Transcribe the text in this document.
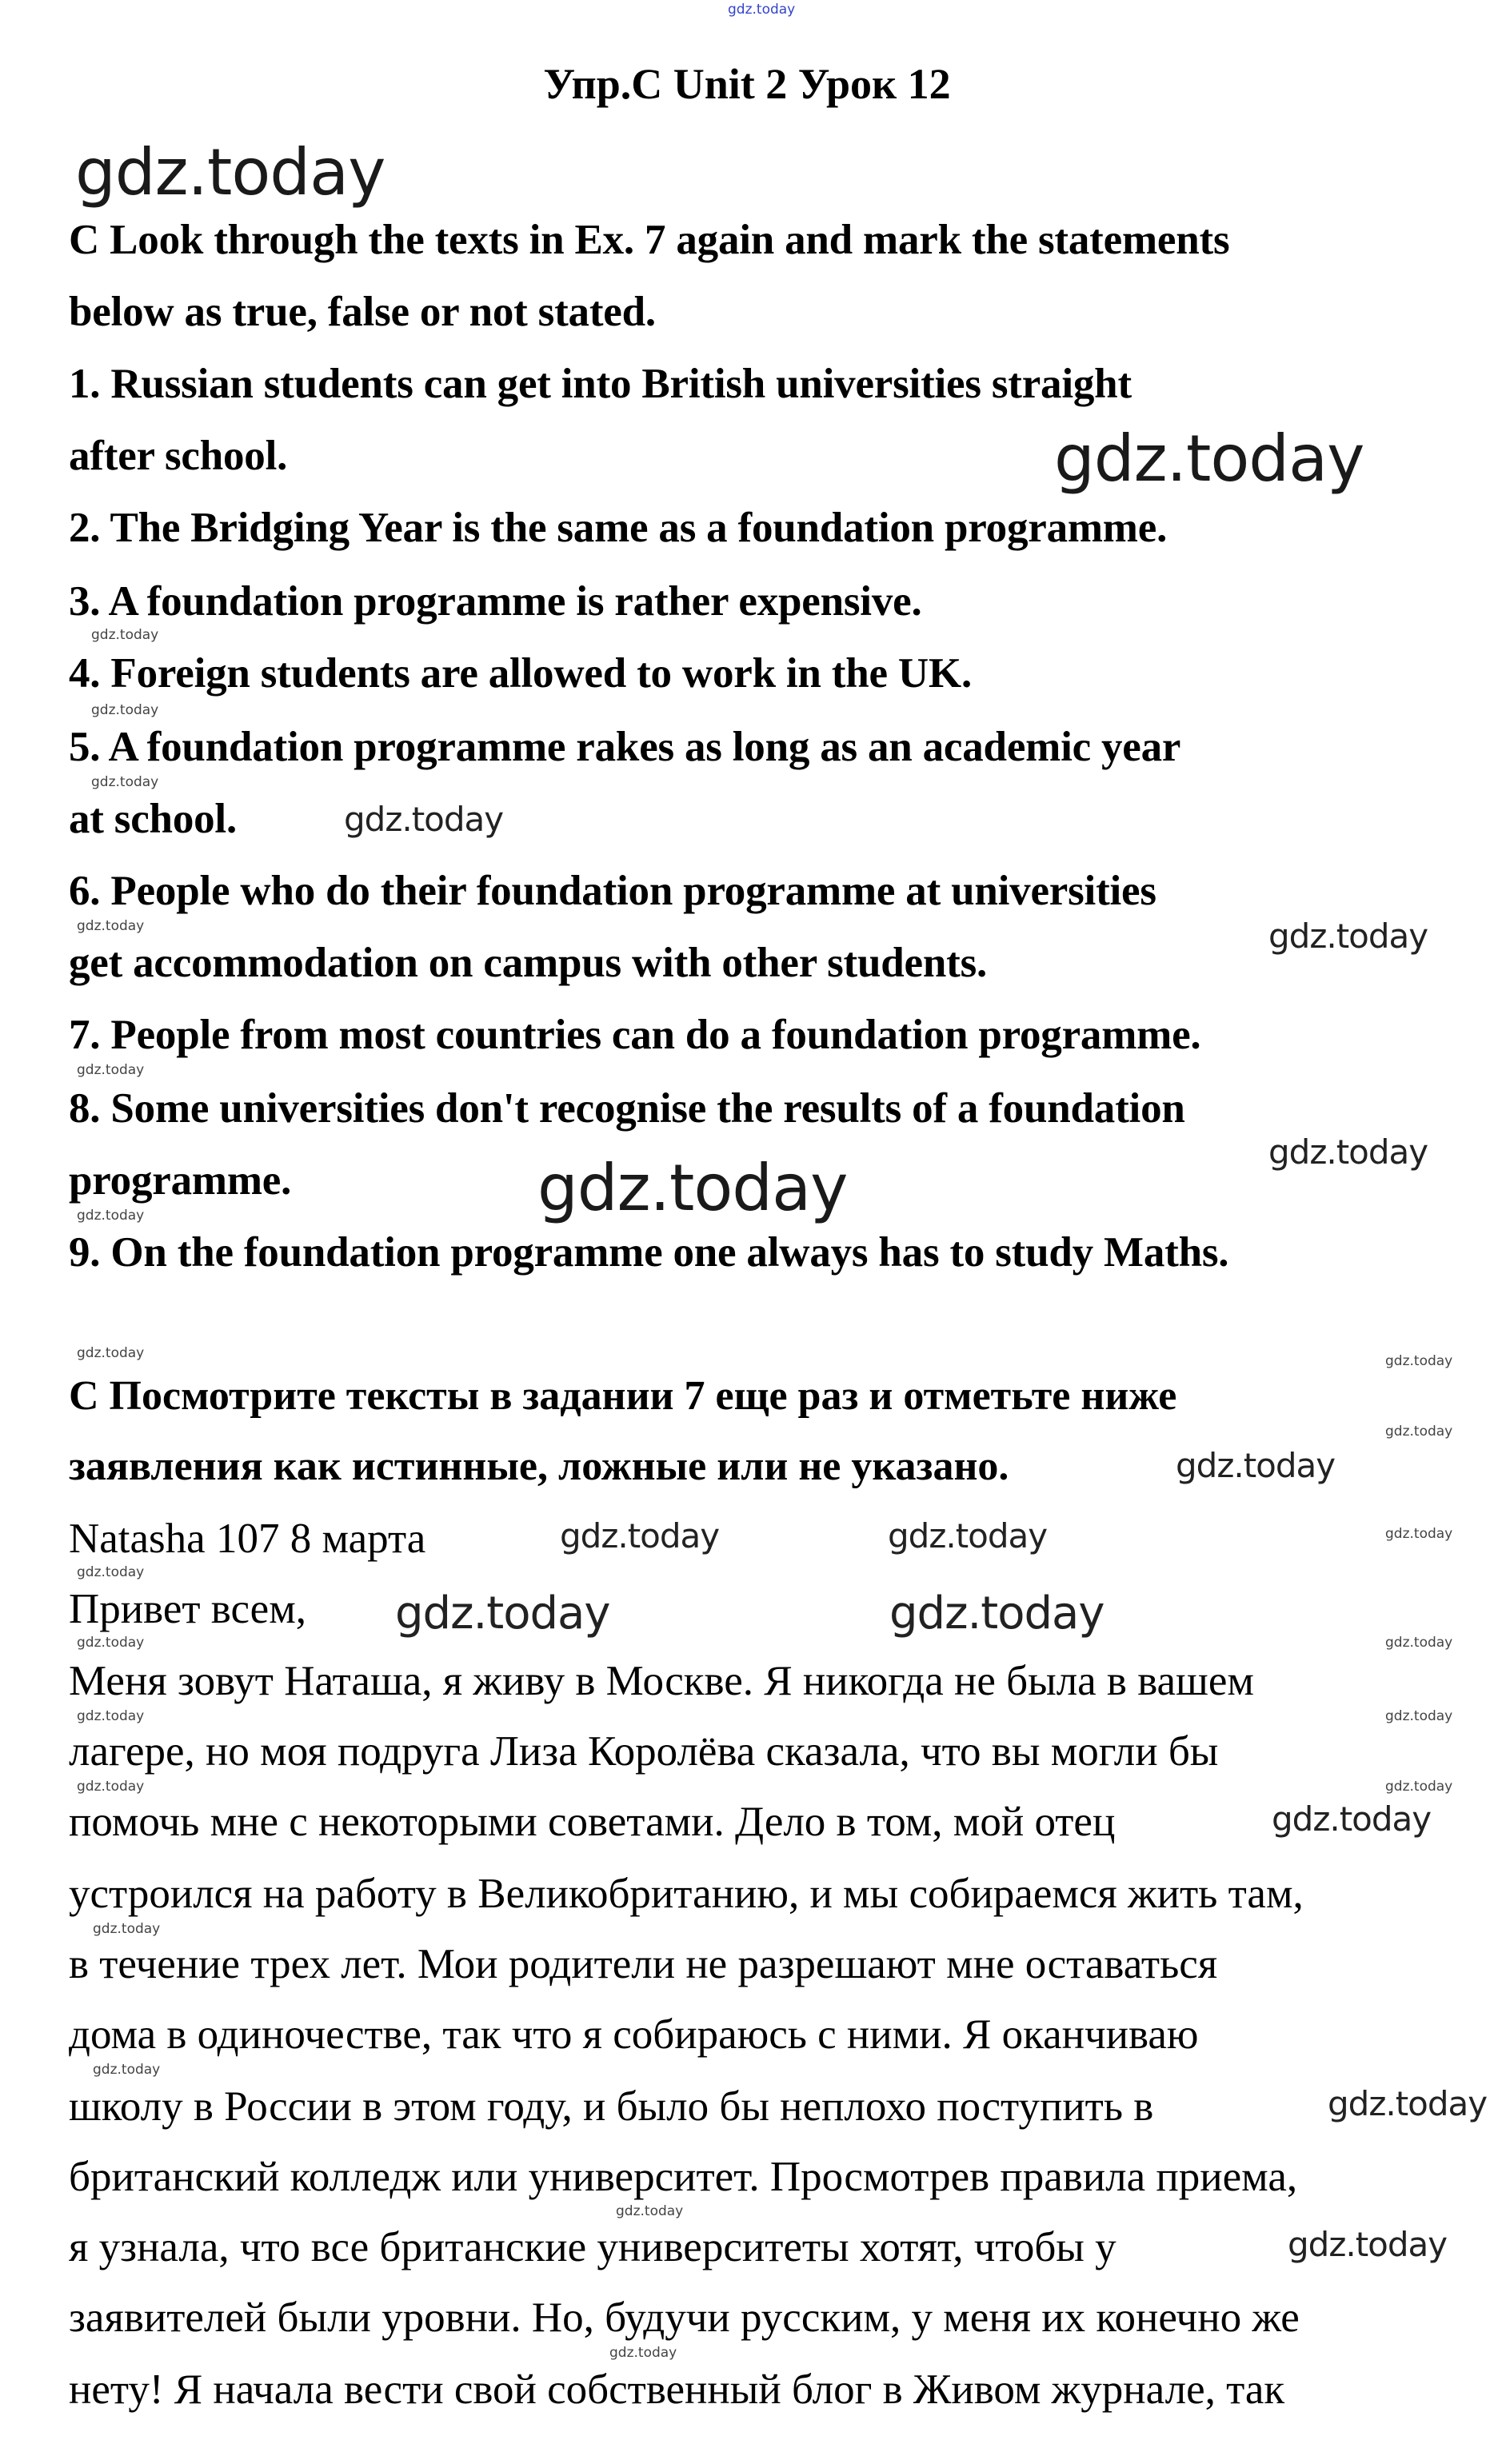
gdz.today
Упр.C Unit 2 Урок 12
C Look through the texts in Ex. 7 again and mark the statements
below as true, false or not stated.
1. Russian students can get into British universities straight
after school.
2. The Bridging Year is the same as a foundation programme.
3. A foundation programme is rather expensive.
4. Foreign students are allowed to work in the UK.
5. A foundation programme rakes as long as an academic year
at school.
6. People who do their foundation programme at universities
get accommodation on campus with other students.
7. People from most countries can do a foundation programme.
8. Some universities don't recognise the results of a foundation
programme.
9. On the foundation programme one always has to study Maths.
С Посмотрите тексты в задании 7 еще раз и отметьте ниже
заявления как истинные, ложные или не указано.
Natasha 107 8 марта
Привет всем,
Меня зовут Наташа, я живу в Москве. Я никогда не была в вашем
лагере, но моя подруга Лиза Королёва сказала, что вы могли бы
помочь мне с некоторыми советами. Дело в том, мой отец
устроился на работу в Великобританию, и мы собираемся жить там,
в течение трех лет. Мои родители не разрешают мне оставаться
дома в одиночестве, так что я собираюсь с ними. Я оканчиваю
школу в России в этом году, и было бы неплохо поступить в
британский колледж или университет. Просмотрев правила приема,
я узнала, что все британские университеты хотят, чтобы у
заявителей были уровни. Но, будучи русским, у меня их конечно же
нету! Я начала вести свой собственный блог в Живом журнале, так
gdz.today
gdz.today
gdz.today
gdz.today
gdz.today
gdz.today
gdz.today	gdz.today
gdz.today
gdz.today
gdz.today
gdz.today
gdz.today
gdz.today
gdz.today
gdz.today
gdz.today
gdz.today
gdz.today
gdz.today
gdz.today
gdz.today
gdz.today
gdz.today
gdz.today
gdz.today
gdz.today
gdz.today
gdz.today
gdz.today
gdz.today
gdz.today
gdz.today
gdz.today
gdz.today
